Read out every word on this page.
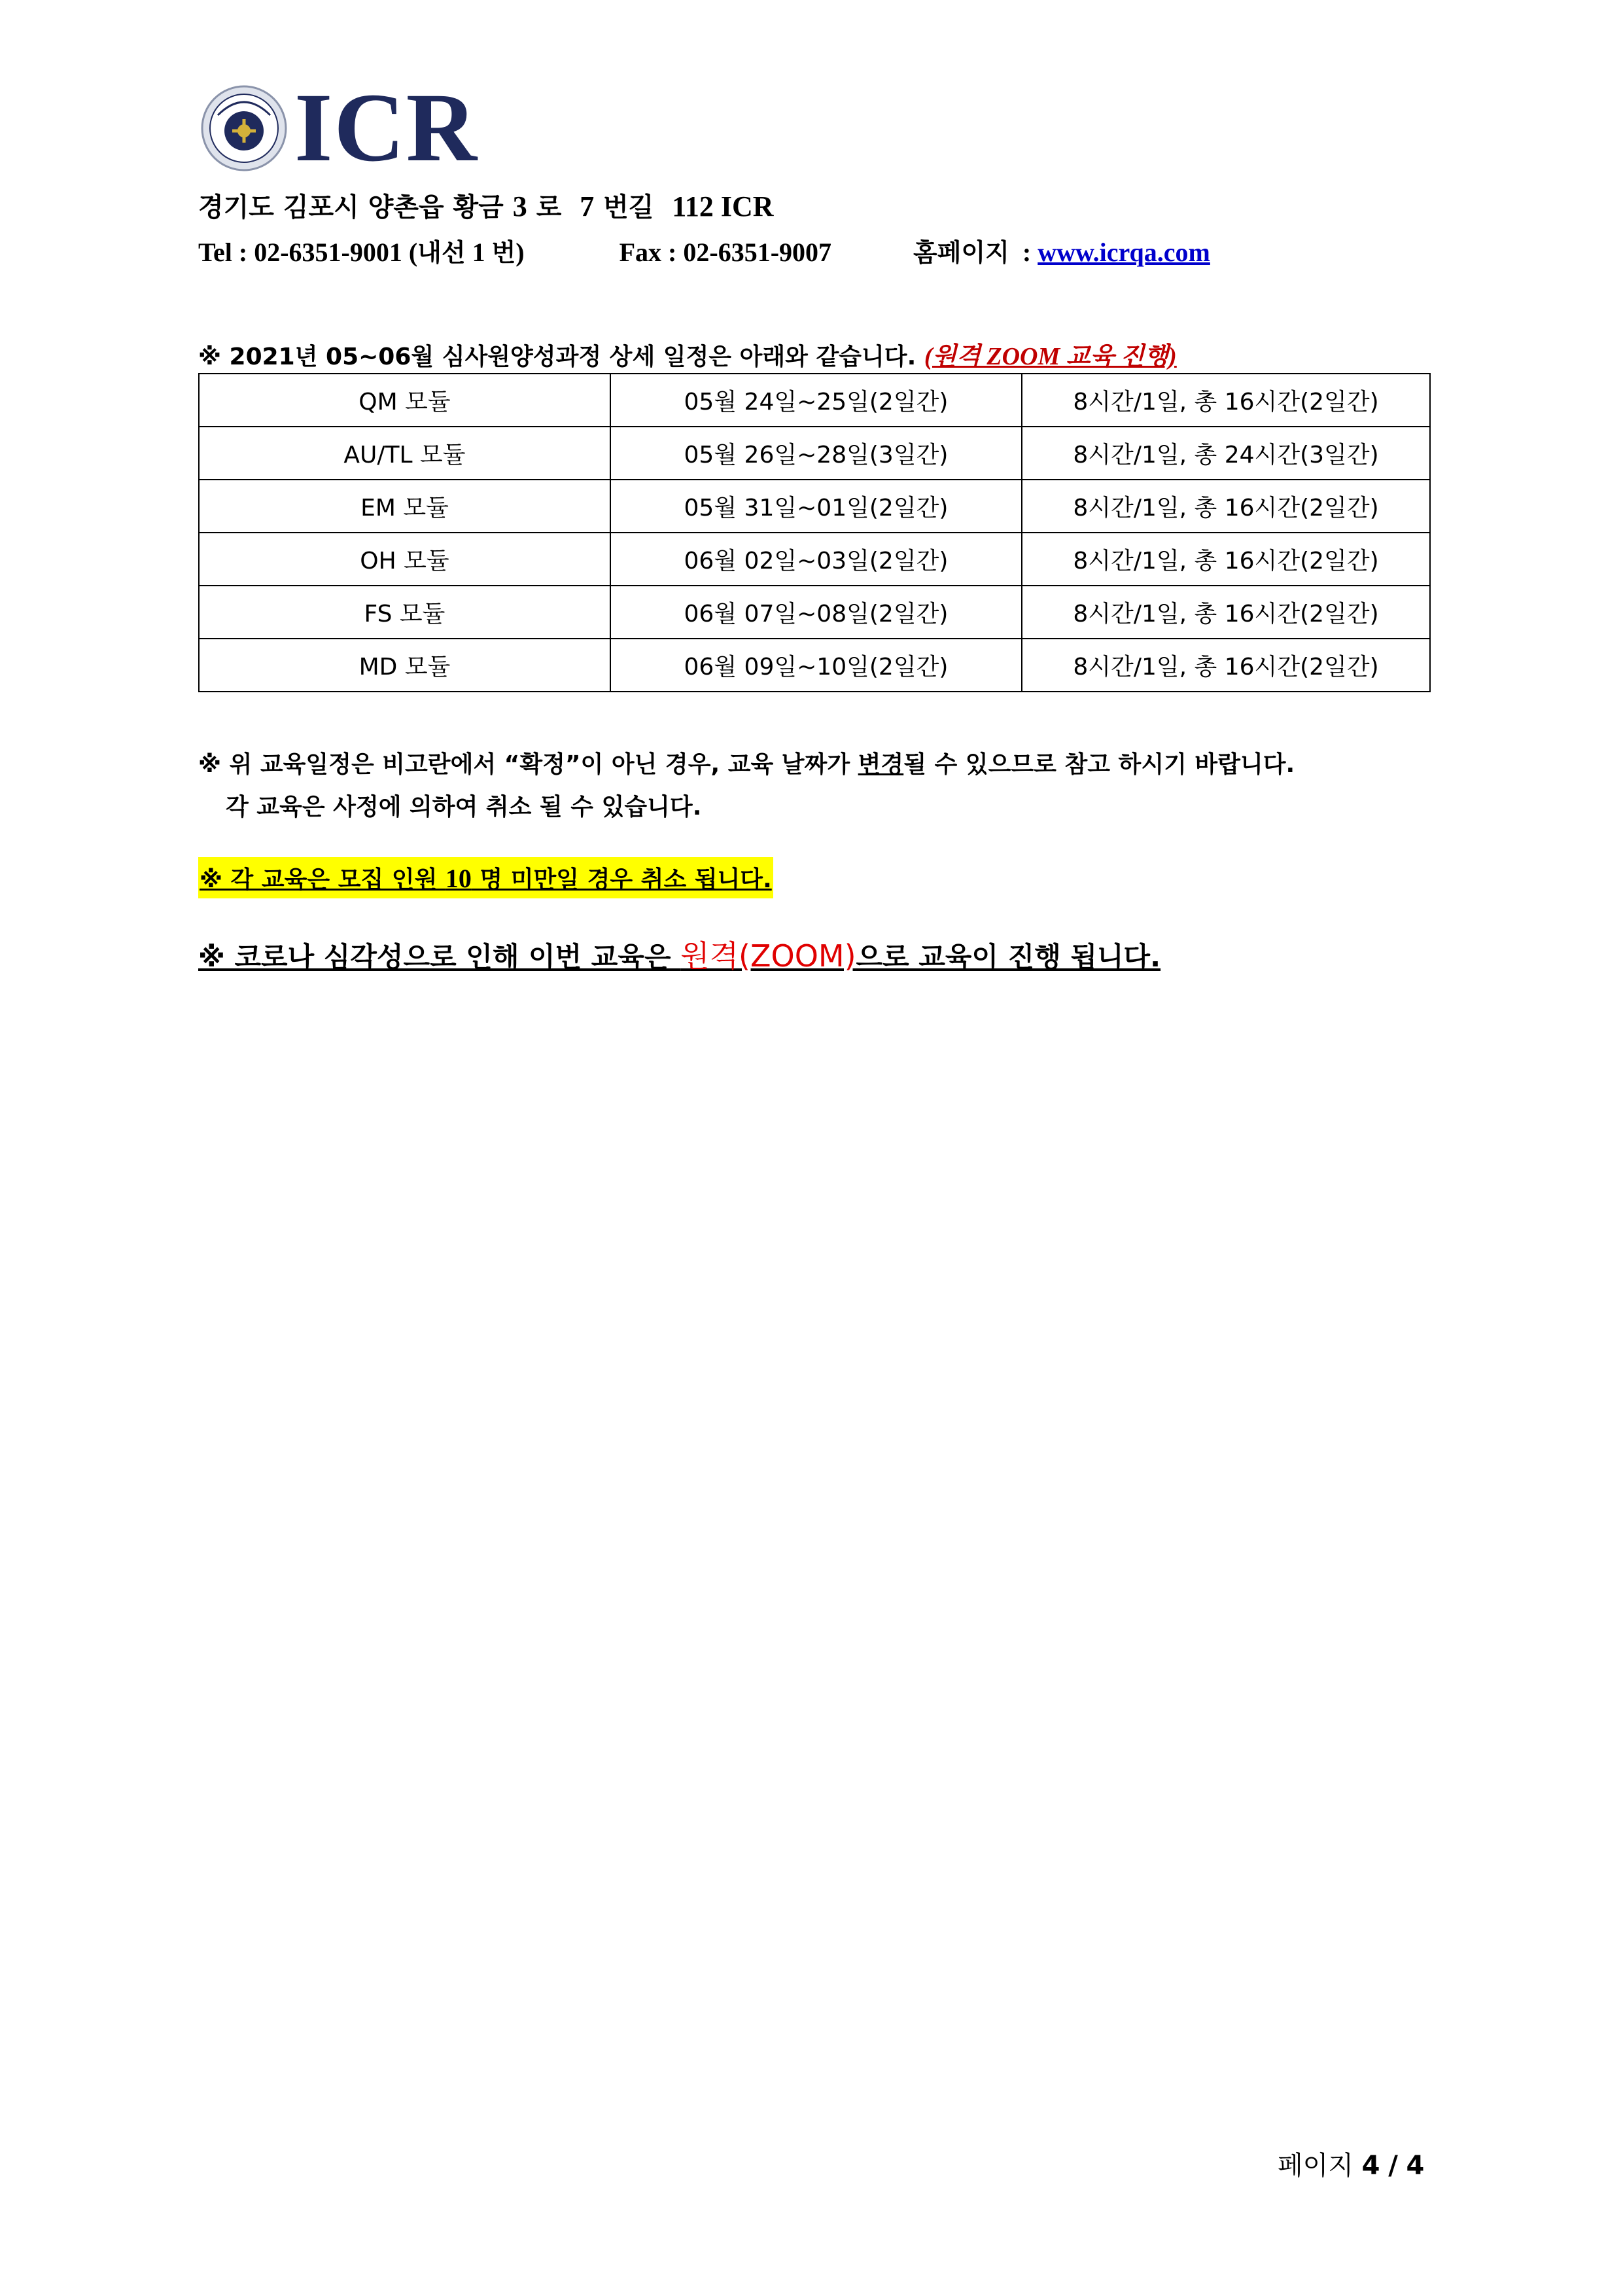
ICR
경기도 김포시 양촌읍 황금 3 로 7 번길 112 ICR
Tel : 02-6351-9001 (내선 1 번)	Fax : 02-6351-9007	홈페이지 : www.icrqa.com
※ 2021년 05~06월 심사원양성과정 상세 일정은 아래와 같습니다. (원격 ZOOM 교육 진행)
QM 모듈	05월 24일~25일(2일간)	8시간/1일, 총 16시간(2일간)
AU/TL 모듈	05월 26일~28일(3일간)	8시간/1일, 총 24시간(3일간)
EM 모듈	05월 31일~01일(2일간)	8시간/1일, 총 16시간(2일간)
OH 모듈	06월 02일~03일(2일간)	8시간/1일, 총 16시간(2일간)
FS 모듈	06월 07일~08일(2일간)	8시간/1일, 총 16시간(2일간)
MD 모듈	06월 09일~10일(2일간)	8시간/1일, 총 16시간(2일간)
※ 위 교육일정은 비고란에서 “확정”이 아닌 경우, 교육 날짜가 변경될 수 있으므로 참고 하시기 바랍니다.
각 교육은 사정에 의하여 취소 될 수 있습니다.
※ 각 교육은 모집 인원 10 명 미만일 경우 취소 됩니다.
※ 코로나 심각성으로 인해 이번 교육은 원격(ZOOM)으로 교육이 진행 됩니다.
페이지 4 / 4
